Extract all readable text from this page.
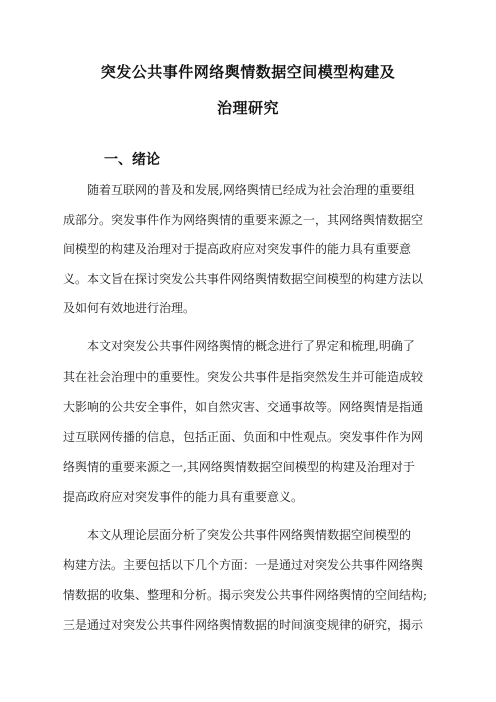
突发公共事件网络舆情数据空间模型构建及
治理研究
一、绪论
随着互联网的普及和发展,网络舆情已经成为社会治理的重要组
成部分。突发事件作为网络舆情的重要来源之一，其网络舆情数据空
间模型的构建及治理对于提高政府应对突发事件的能力具有重要意
义。本文旨在探讨突发公共事件网络舆情数据空间模型的构建方法以
及如何有效地进行治理。
本文对突发公共事件网络舆情的概念进行了界定和梳理,明确了
其在社会治理中的重要性。突发公共事件是指突然发生并可能造成较
大影响的公共安全事件，如自然灾害、交通事故等。网络舆情是指通
过互联网传播的信息，包括正面、负面和中性观点。突发事件作为网
络舆情的重要来源之一,其网络舆情数据空间模型的构建及治理对于
提高政府应对突发事件的能力具有重要意义。
本文从理论层面分析了突发公共事件网络舆情数据空间模型的
构建方法。主要包括以下几个方面：一是通过对突发公共事件网络舆
情数据的收集、整理和分析。揭示突发公共事件网络舆情的空间结构;
三是通过对突发公共事件网络舆情数据的时间演变规律的研究，揭示
